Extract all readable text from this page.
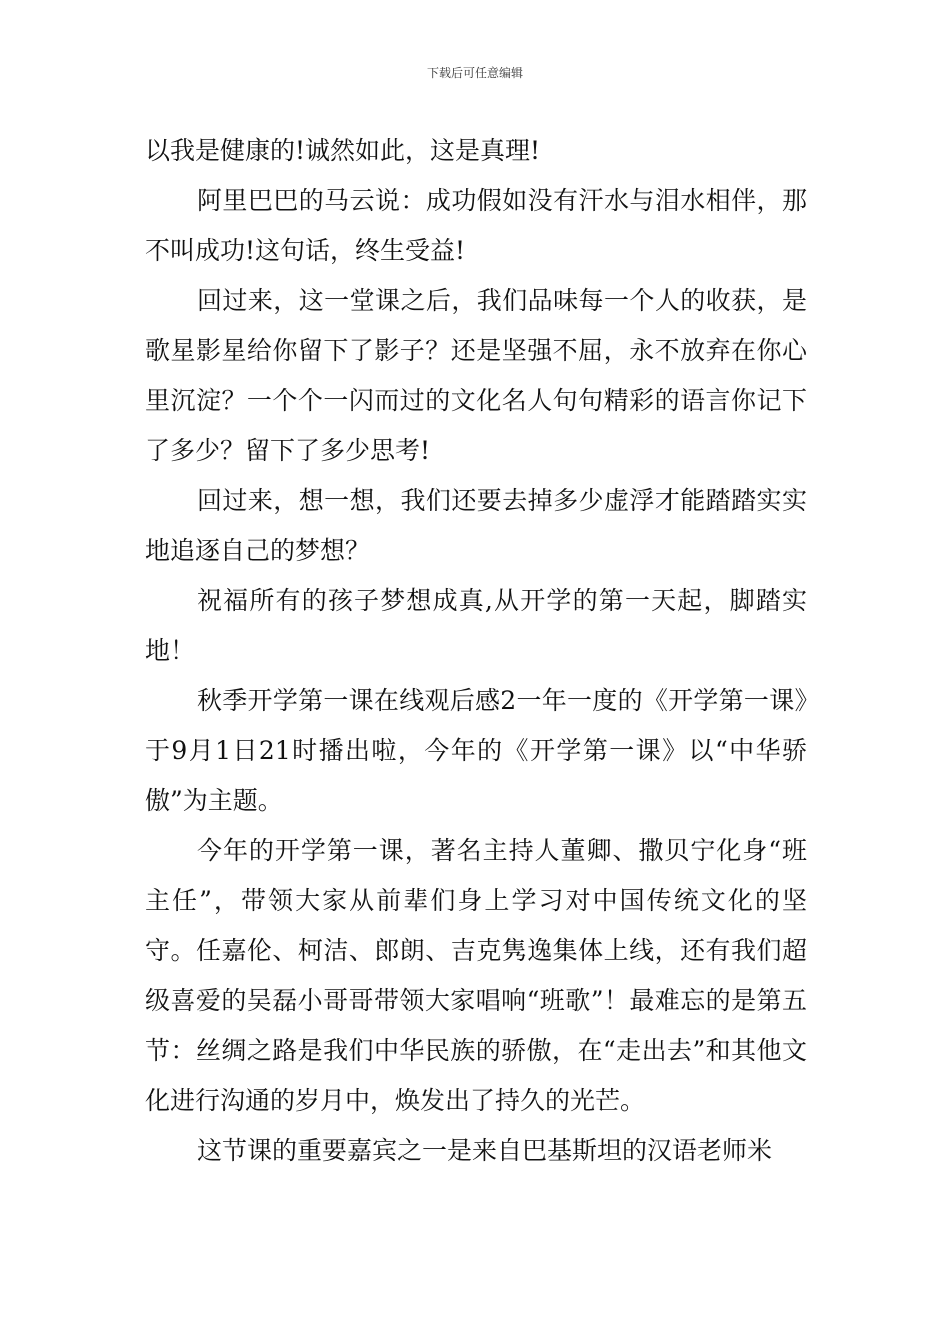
下载后可任意编辑

以我是健康的!诚然如此，这是真理!

阿里巴巴的马云说：成功假如没有汗水与泪水相伴，那不叫成功!这句话，终生受益!

回过来，这一堂课之后，我们品味每一个人的收获，是歌星影星给你留下了影子？还是坚强不屈，永不放弃在你心里沉淀？一个个一闪而过的文化名人句句精彩的语言你记下了多少？留下了多少思考!

回过来，想一想，我们还要去掉多少虚浮才能踏踏实实地追逐自己的梦想？

祝福所有的孩子梦想成真,从开学的第一天起，脚踏实地！

秋季开学第一课在线观后感2一年一度的《开学第一课》于9月1日21时播出啦，今年的《开学第一课》以“中华骄傲”为主题。

今年的开学第一课，著名主持人董卿、撒贝宁化身“班主任”，带领大家从前辈们身上学习对中国传统文化的坚守。任嘉伦、柯洁、郎朗、吉克隽逸集体上线，还有我们超级喜爱的吴磊小哥哥带领大家唱响“班歌”！最难忘的是第五节：丝绸之路是我们中华民族的骄傲，在“走出去”和其他文化进行沟通的岁月中，焕发出了持久的光芒。

这节课的重要嘉宾之一是来自巴基斯坦的汉语老师米
